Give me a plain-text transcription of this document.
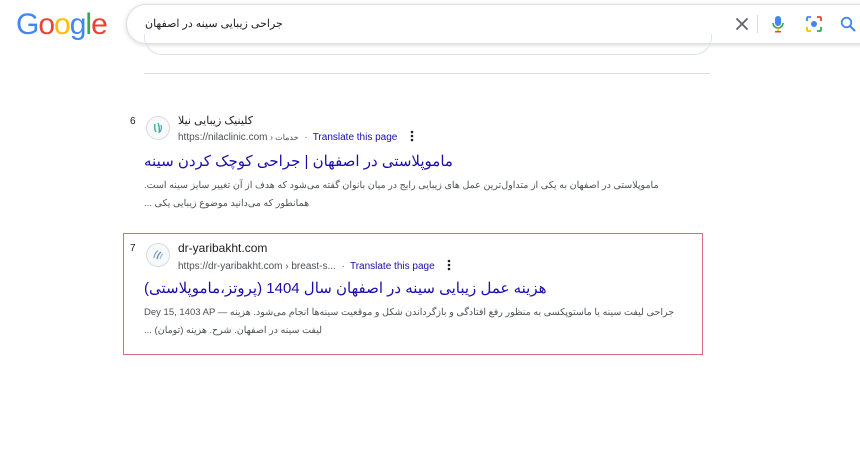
Google	جراحی زیبایی سینه در اصفهان
6	کلینیک زیبایی نیلا
https://nilaclinic.com › خدمات · Translate this page
ماموپلاستی در اصفهان | جراحی کوچک کردن سینه
ماموپلاستی در اصفهان به یکی از متداول‌ترین عمل های زیبایی رایج در میان بانوان گفته می‌شود که هدف از آن تغییر سایز سینه است.
همانطور که می‌دانید موضوع زیبایی یکی ...
7	dr-yaribakht.com
https://dr-yaribakht.com › breast-s... · Translate this page
هزینه عمل زیبایی سینه در اصفهان سال 1404 (پروتز،ماموپلاستی)
Dey 15, 1403 AP — جراحی لیفت سینه یا ماستوپکسی به منظور رفع افتادگی و بازگرداندن شکل و موقعیت سینه‌ها انجام می‌شود. هزینه
لیفت سینه در اصفهان. شرح. هزینه (تومان) ...
